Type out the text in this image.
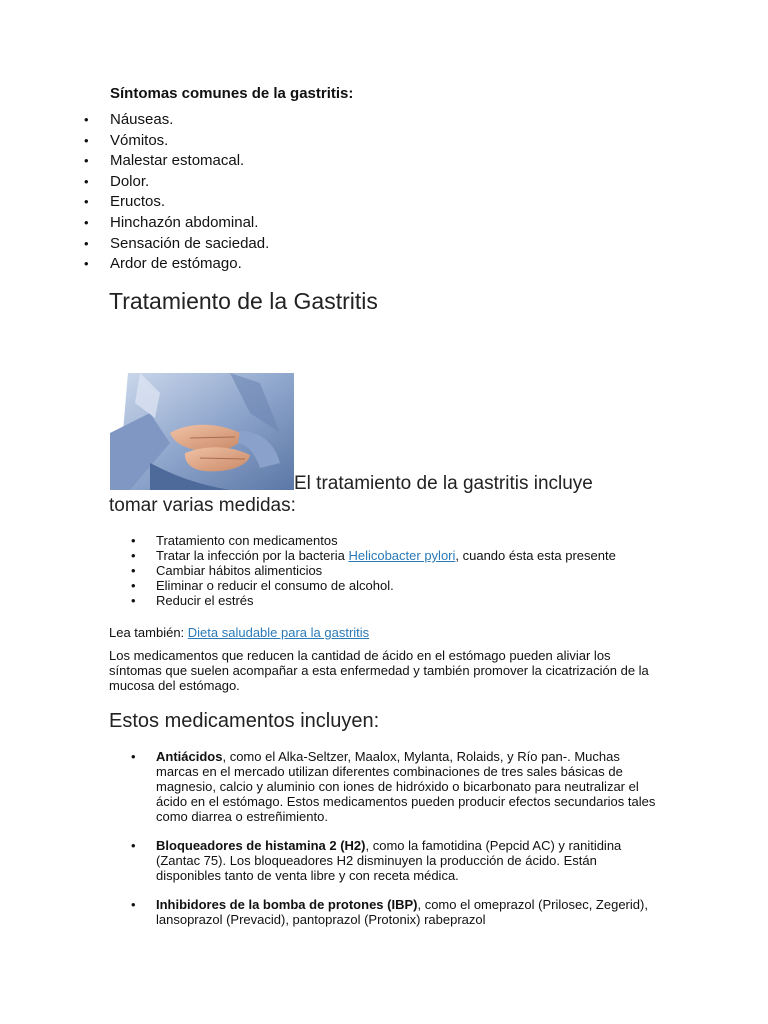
Síntomas comunes de la gastritis:
• Náuseas.
• Vómitos.
• Malestar estomacal.
• Dolor.
• Eructos.
• Hinchazón abdominal.
• Sensación de saciedad.
• Ardor de estómago.
Tratamiento de la Gastritis
El tratamiento de la gastritis incluye
tomar varias medidas:
• Tratamiento con medicamentos
• Tratar la infección por la bacteria Helicobacter pylori, cuando ésta esta presente
• Cambiar hábitos alimenticios
• Eliminar o reducir el consumo de alcohol.
• Reducir el estrés
Lea también: Dieta saludable para la gastritis
Los medicamentos que reducen la cantidad de ácido en el estómago pueden aliviar los síntomas que suelen acompañar a esta enfermedad y también promover la cicatrización de la mucosa del estómago.
Estos medicamentos incluyen:
• Antiácidos, como el Alka-Seltzer, Maalox, Mylanta, Rolaids, y Río pan-. Muchas marcas en el mercado utilizan diferentes combinaciones de tres sales básicas de magnesio, calcio y aluminio con iones de hidróxido o bicarbonato para neutralizar el ácido en el estómago. Estos medicamentos pueden producir efectos secundarios tales como diarrea o estreñimiento.
• Bloqueadores de histamina 2 (H2), como la famotidina (Pepcid AC) y ranitidina (Zantac 75). Los bloqueadores H2 disminuyen la producción de ácido. Están disponibles tanto de venta libre y con receta médica.
• Inhibidores de la bomba de protones (IBP), como el omeprazol (Prilosec, Zegerid), lansoprazol (Prevacid), pantoprazol (Protonix) rabeprazol
